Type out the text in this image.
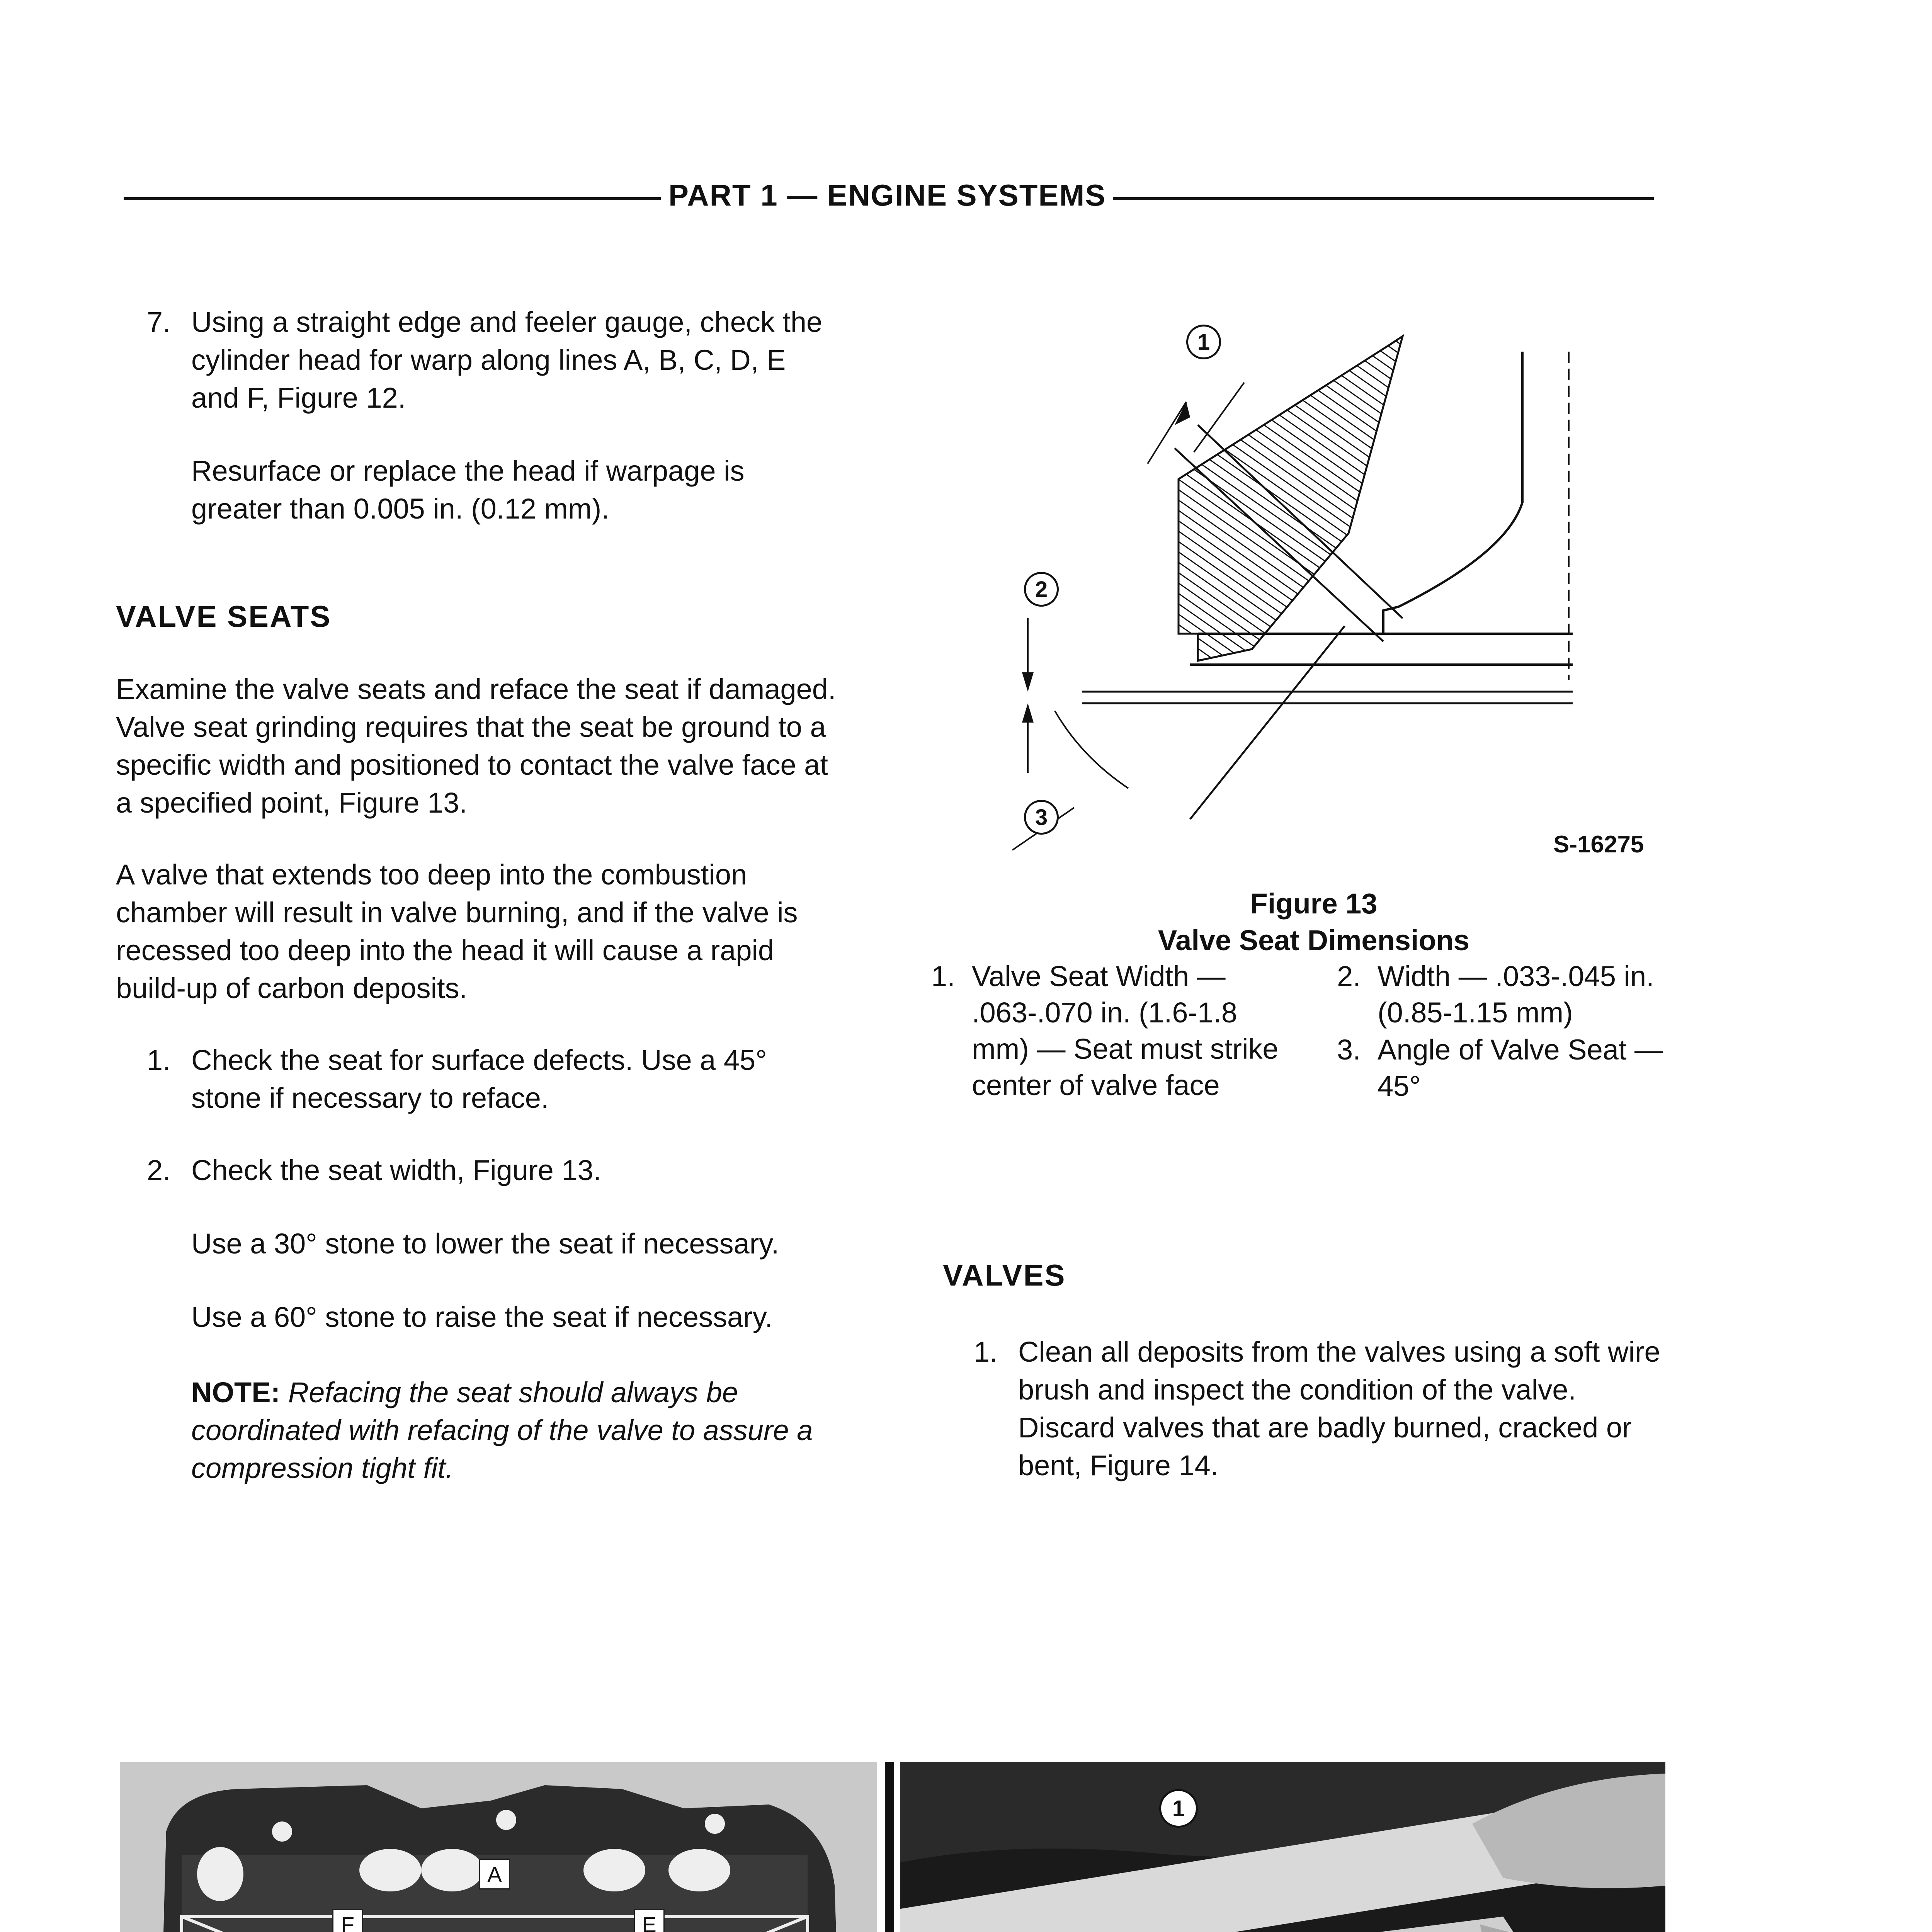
PART 1 — ENGINE SYSTEMS
7. Using a straight edge and feeler gauge, check the cylinder head for warp along lines A, B, C, D, E and F, Figure 12.
Resurface or replace the head if warpage is greater than 0.005 in. (0.12 mm).
VALVE SEATS
Examine the valve seats and reface the seat if damaged. Valve seat grinding requires that the seat be ground to a specific width and positioned to contact the valve face at a specified point, Figure 13.
A valve that extends too deep into the combustion chamber will result in valve burning, and if the valve is recessed too deep into the head it will cause a rapid build-up of carbon deposits.
1. Check the seat for surface defects. Use a 45° stone if necessary to reface.
2. Check the seat width, Figure 13.
Use a 30° stone to lower the seat if necessary.
Use a 60° stone to raise the seat if necessary.
NOTE: Refacing the seat should always be coordinated with refacing of the valve to assure a compression tight fit.
1
2
3
S-16275
Figure 13
Valve Seat Dimensions
1. Valve Seat Width — .063-.070 in. (1.6-1.8 mm) — Seat must strike center of valve face
2. Width — .033-.045 in. (0.85-1.15 mm)
3. Angle of Valve Seat — 45°
VALVES
1. Clean all deposits from the valves using a soft wire brush and inspect the condition of the valve. Discard valves that are badly burned, cracked or bent, Figure 14.
A
E
F
1
